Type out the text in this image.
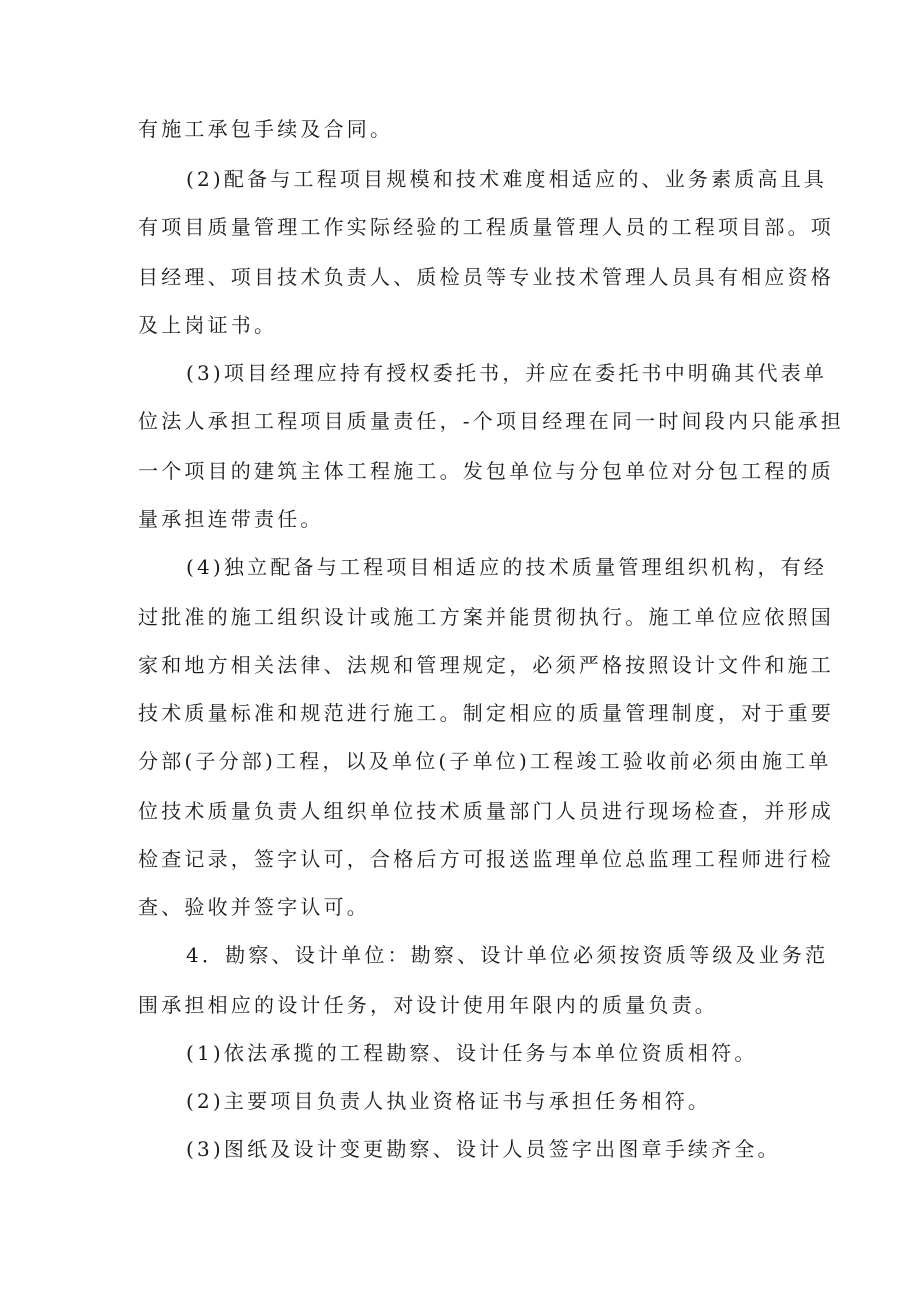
有施工承包手续及合同。
(2)配备与工程项目规模和技术难度相适应的、业务素质高且具
有项目质量管理工作实际经验的工程质量管理人员的工程项目部。项
目经理、项目技术负责人、质检员等专业技术管理人员具有相应资格
及上岗证书。
(3)项目经理应持有授权委托书，并应在委托书中明确其代表单
位法人承担工程项目质量责任，-个项目经理在同一时间段内只能承担
一个项目的建筑主体工程施工。发包单位与分包单位对分包工程的质
量承担连带责任。
(4)独立配备与工程项目相适应的技术质量管理组织机构，有经
过批准的施工组织设计或施工方案并能贯彻执行。施工单位应依照国
家和地方相关法律、法规和管理规定，必须严格按照设计文件和施工
技术质量标准和规范进行施工。制定相应的质量管理制度，对于重要
分部(子分部)工程，以及单位(子单位)工程竣工验收前必须由施工单
位技术质量负责人组织单位技术质量部门人员进行现场检查，并形成
检查记录，签字认可，合格后方可报送监理单位总监理工程师进行检
查、验收并签字认可。
4．勘察、设计单位：勘察、设计单位必须按资质等级及业务范
围承担相应的设计任务，对设计使用年限内的质量负责。
(1)依法承揽的工程勘察、设计任务与本单位资质相符。
(2)主要项目负责人执业资格证书与承担任务相符。
(3)图纸及设计变更勘察、设计人员签字出图章手续齐全。
